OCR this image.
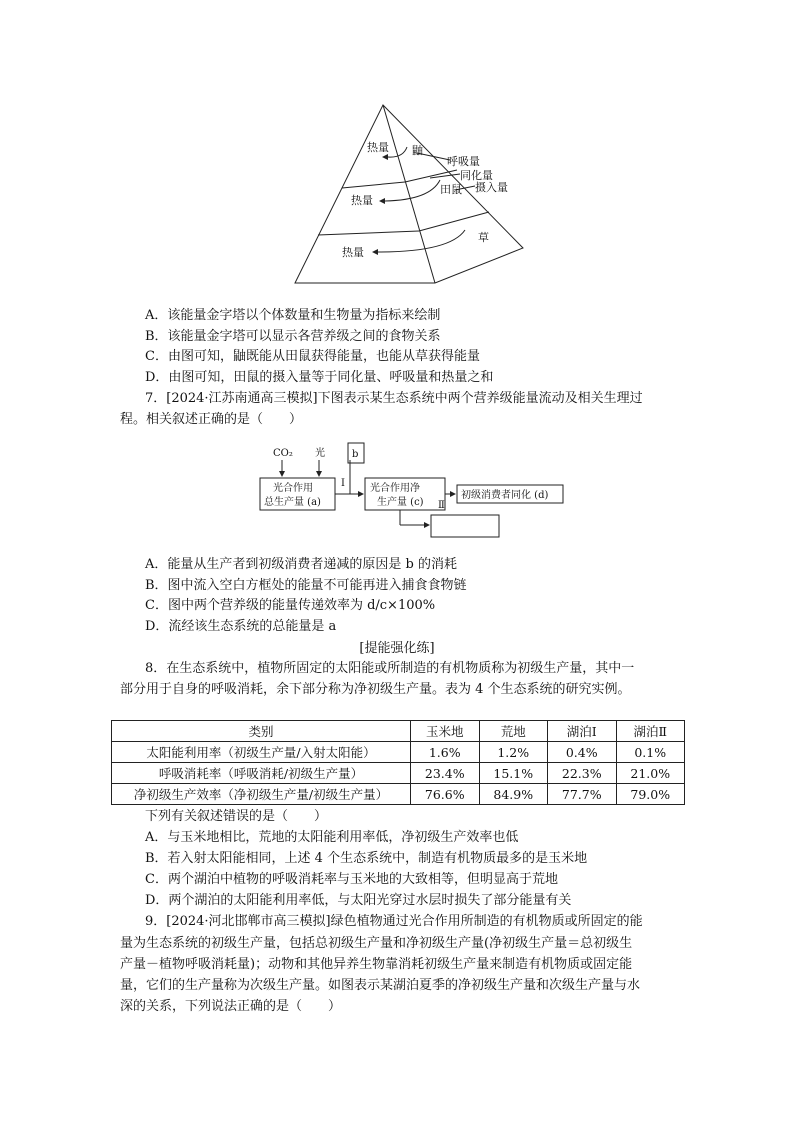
热量 鼬
呼吸量
同化量
田鼠 摄入量
热量
草
热量
A．该能量金字塔以个体数量和生物量为指标来绘制
B．该能量金字塔可以显示各营养级之间的食物关系
C．由图可知，鼬既能从田鼠获得能量，也能从草获得能量
D．由图可知，田鼠的摄入量等于同化量、呼吸量和热量之和
7．[2024·江苏南通高三模拟]下图表示某生态系统中两个营养级能量流动及相关生理过
程。相关叙述正确的是（　　）
CO₂ 光
光合作用
总生产量 (a)
b
Ⅰ	光合作用净
生产量 (c) Ⅱ
初级消费者同化 (d)
A．能量从生产者到初级消费者递减的原因是 b 的消耗
B．图中流入空白方框处的能量不可能再进入捕食食物链
C．图中两个营养级的能量传递效率为 d/c×100%
D．流经该生态系统的总能量是 a
[提能强化练]
8．在生态系统中，植物所固定的太阳能或所制造的有机物质称为初级生产量，其中一
部分用于自身的呼吸消耗，余下部分称为净初级生产量。表为 4 个生态系统的研究实例。
类别	玉米地	荒地	湖泊Ⅰ	湖泊Ⅱ
太阳能利用率（初级生产量/入射太阳能）	1.6%	1.2%	0.4%	0.1%
呼吸消耗率（呼吸消耗/初级生产量）	23.4%	15.1%	22.3%	21.0%
净初级生产效率（净初级生产量/初级生产量）	76.6%	84.9%	77.7%	79.0%
下列有关叙述错误的是（　　）
A．与玉米地相比，荒地的太阳能利用率低，净初级生产效率也低
B．若入射太阳能相同，上述 4 个生态系统中，制造有机物质最多的是玉米地
C．两个湖泊中植物的呼吸消耗率与玉米地的大致相等，但明显高于荒地
D．两个湖泊的太阳能利用率低，与太阳光穿过水层时损失了部分能量有关
9．[2024·河北邯郸市高三模拟]绿色植物通过光合作用所制造的有机物质或所固定的能
量为生态系统的初级生产量，包括总初级生产量和净初级生产量(净初级生产量＝总初级生
产量－植物呼吸消耗量)；动物和其他异养生物靠消耗初级生产量来制造有机物质或固定能
量，它们的生产量称为次级生产量。如图表示某湖泊夏季的净初级生产量和次级生产量与水
深的关系，下列说法正确的是（　　）
